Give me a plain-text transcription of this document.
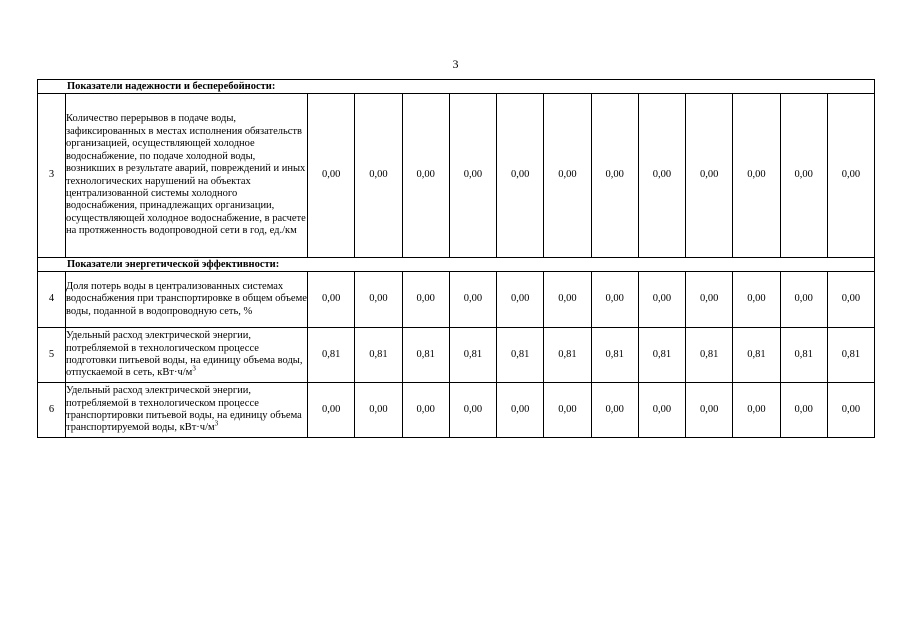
3
Показатели надежности и бесперебойности:													
3	Количество перерывов в подаче воды, зафиксированных в местах исполнения обязательств организацией, осуществляющей холодное водоснабжение, по подаче холодной воды, возникших в результате аварий, повреждений и иных технологических нарушений на объектах централизованной системы холодного водоснабжения, принадлежащих организации, осуществляющей холодное водоснабжение, в расчете на протяженность водопроводной сети в год, ед./км	0,00	0,00	0,00	0,00	0,00	0,00	0,00	0,00	0,00	0,00	0,00	0,00
Показатели энергетической эффективности:													
4	Доля потерь воды в централизованных системах водоснабжения при транспортировке в общем объеме воды, поданной в водопроводную сеть, %	0,00	0,00	0,00	0,00	0,00	0,00	0,00	0,00	0,00	0,00	0,00	0,00
5	Удельный расход электрической энергии, потребляемой в технологическом процессе подготовки питьевой воды, на единицу объема воды, отпускаемой в сеть, $кВт\cdot ч/м^3$	0,81	0,81	0,81	0,81	0,81	0,81	0,81	0,81	0,81	0,81	0,81	0,81
6	Удельный расход электрической энергии, потребляемой в технологическом процессе транспортировки питьевой воды, на единицу объема транспортируемой воды, $кВт\cdot ч/м^3$	0,00	0,00	0,00	0,00	0,00	0,00	0,00	0,00	0,00	0,00	0,00	0,00
